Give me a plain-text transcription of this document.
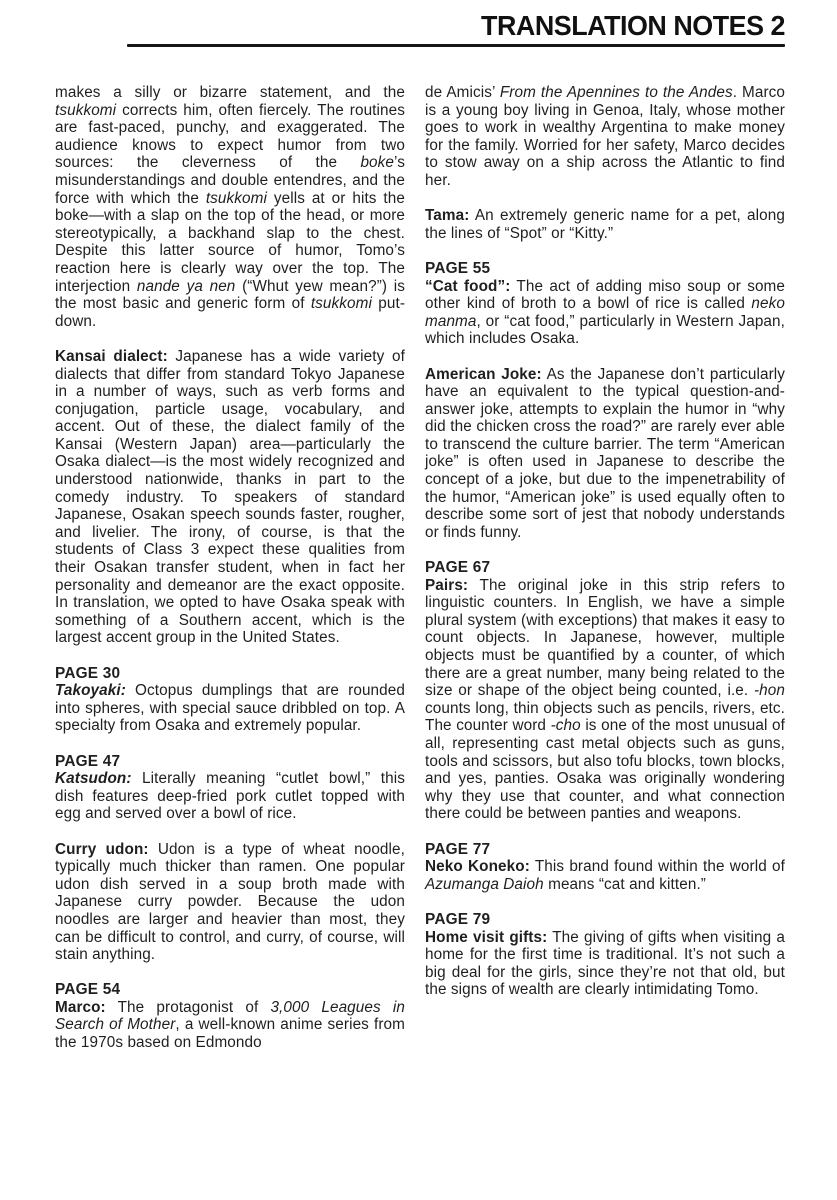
TRANSLATION NOTES 2

makes a silly or bizarre statement, and the tsukkomi corrects him, often fiercely. The routines are fast-paced, punchy, and exaggerated. The audience knows to expect humor from two sources: the cleverness of the boke’s misunderstandings and double entendres, and the force with which the tsukkomi yells at or hits the boke—with a slap on the top of the head, or more stereotypically, a backhand slap to the chest. Despite this latter source of humor, Tomo’s reaction here is clearly way over the top. The interjection nande ya nen (“Whut yew mean?”) is the most basic and generic form of tsukkomi put-down.

Kansai dialect: Japanese has a wide variety of dialects that differ from standard Tokyo Japanese in a number of ways, such as verb forms and conjugation, particle usage, vocabulary, and accent. Out of these, the dialect family of the Kansai (Western Japan) area—particularly the Osaka dialect—is the most widely recognized and understood nationwide, thanks in part to the comedy industry. To speakers of standard Japanese, Osakan speech sounds faster, rougher, and livelier. The irony, of course, is that the students of Class 3 expect these qualities from their Osakan transfer student, when in fact her personality and demeanor are the exact opposite. In translation, we opted to have Osaka speak with something of a Southern accent, which is the largest accent group in the United States.

PAGE 30

Takoyaki: Octopus dumplings that are rounded into spheres, with special sauce dribbled on top. A specialty from Osaka and extremely popular.

PAGE 47

Katsudon: Literally meaning “cutlet bowl,” this dish features deep-fried pork cutlet topped with egg and served over a bowl of rice.

Curry udon: Udon is a type of wheat noodle, typically much thicker than ramen. One popular udon dish served in a soup broth made with Japanese curry powder. Because the udon noodles are larger and heavier than most, they can be difficult to control, and curry, of course, will stain anything.

PAGE 54

Marco: The protagonist of 3,000 Leagues in Search of Mother, a well-known anime series from the 1970s based on Edmondo

de Amicis’ From the Apennines to the Andes. Marco is a young boy living in Genoa, Italy, whose mother goes to work in wealthy Argentina to make money for the family. Worried for her safety, Marco decides to stow away on a ship across the Atlantic to find her.

Tama: An extremely generic name for a pet, along the lines of “Spot” or “Kitty.”

PAGE 55

“Cat food”: The act of adding miso soup or some other kind of broth to a bowl of rice is called neko manma, or “cat food,” particularly in Western Japan, which includes Osaka.

American Joke: As the Japanese don’t particularly have an equivalent to the typical question-and-answer joke, attempts to explain the humor in “why did the chicken cross the road?” are rarely ever able to transcend the culture barrier. The term “American joke” is often used in Japanese to describe the concept of a joke, but due to the impenetrability of the humor, “American joke” is used equally often to describe some sort of jest that nobody understands or finds funny.

PAGE 67

Pairs: The original joke in this strip refers to linguistic counters. In English, we have a simple plural system (with exceptions) that makes it easy to count objects. In Japanese, however, multiple objects must be quantified by a counter, of which there are a great number, many being related to the size or shape of the object being counted, i.e. -hon counts long, thin objects such as pencils, rivers, etc. The counter word -cho is one of the most unusual of all, representing cast metal objects such as guns, tools and scissors, but also tofu blocks, town blocks, and yes, panties. Osaka was originally wondering why they use that counter, and what connection there could be between panties and weapons.

PAGE 77

Neko Koneko: This brand found within the world of Azumanga Daioh means “cat and kitten.”

PAGE 79

Home visit gifts: The giving of gifts when visiting a home for the first time is traditional. It’s not such a big deal for the girls, since they’re not that old, but the signs of wealth are clearly intimidating Tomo.
